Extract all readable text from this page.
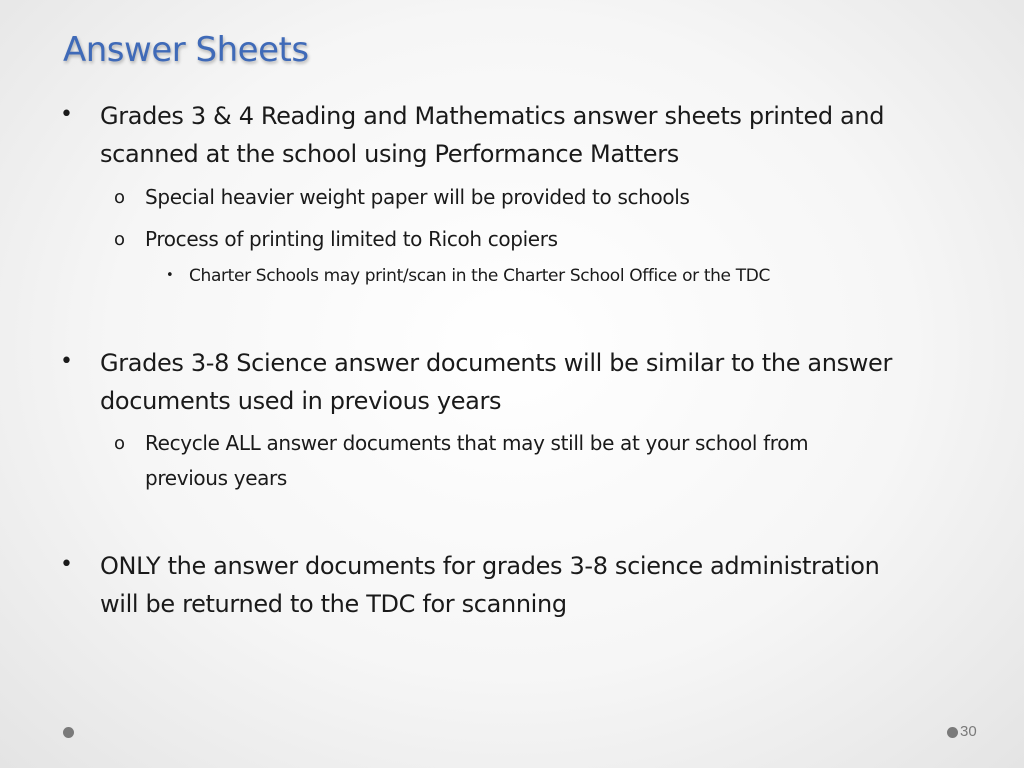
Answer Sheets
• Grades 3 & 4 Reading and Mathematics answer sheets printed and
scanned at the school using Performance Matters
o Special heavier weight paper will be provided to schools
o Process of printing limited to Ricoh copiers
• Charter Schools may print/scan in the Charter School Office or the TDC
• Grades 3-8 Science answer documents will be similar to the answer
documents used in previous years
o Recycle ALL answer documents that may still be at your school from
previous years
• ONLY the answer documents for grades 3-8 science administration
will be returned to the TDC for scanning
30
